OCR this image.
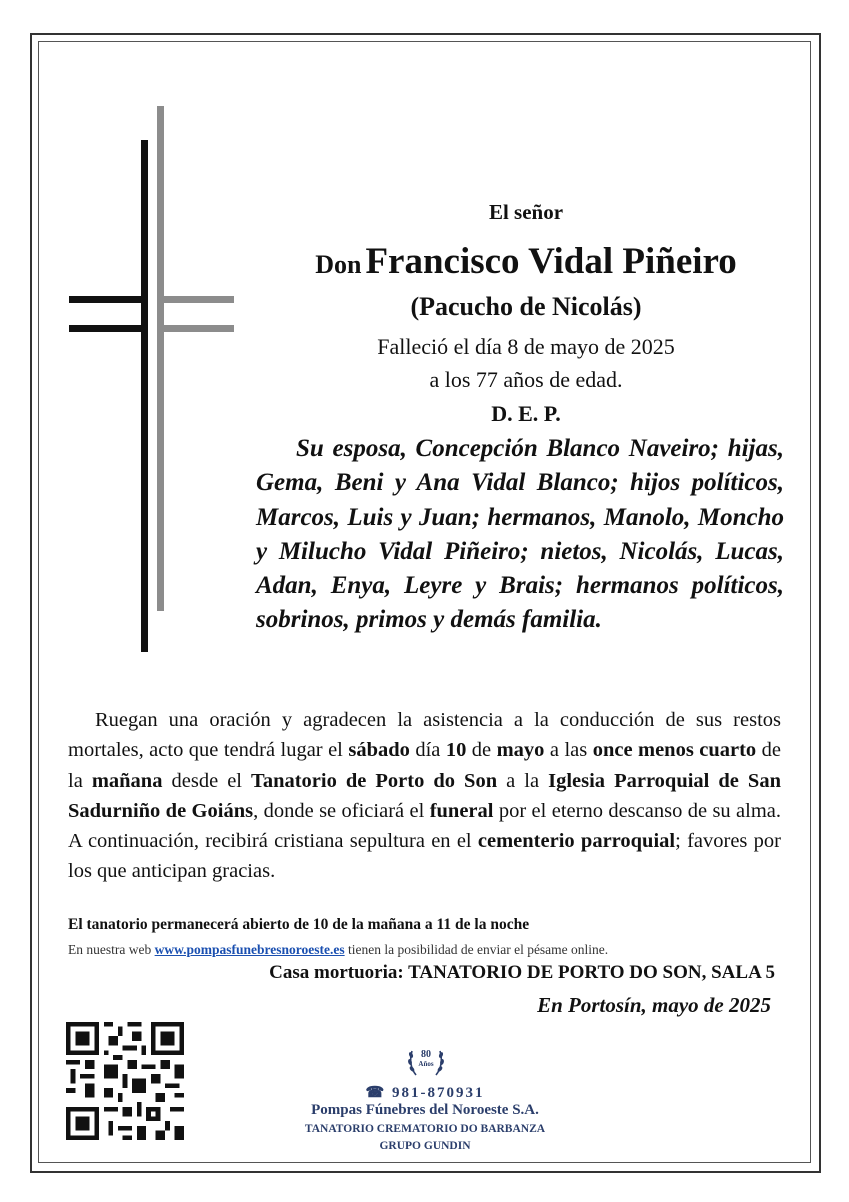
El señor
Don Francisco Vidal Piñeiro
(Pacucho de Nicolás)
Falleció el día 8 de mayo de 2025
a los 77 años de edad.
D. E. P.
Su esposa, Concepción Blanco Naveiro; hijas, Gema, Beni y Ana Vidal Blanco; hijos políticos, Marcos, Luis y Juan; hermanos, Manolo, Moncho y Milucho Vidal Piñeiro; nietos, Nicolás, Lucas, Adan, Enya, Leyre y Brais; hermanos políticos, sobrinos, primos y demás familia.
Ruegan una oración y agradecen la asistencia a la conducción de sus restos mortales, acto que tendrá lugar el sábado día 10 de mayo a las once menos cuarto de la mañana desde el Tanatorio de Porto do Son a la Iglesia Parroquial de San Sadurniño de Goiáns, donde se oficiará el funeral por el eterno descanso de su alma. A continuación, recibirá cristiana sepultura en el cementerio parroquial; favores por los que anticipan gracias.
El tanatorio permanecerá abierto de 10 de la mañana a 11 de la noche
En nuestra web www.pompasfunebresnoroeste.es tienen la posibilidad de enviar el pésame online.
Casa mortuoria: TANATORIO DE PORTO DO SON, SALA 5
En Portosín, mayo de 2025
80
Años
☎ 981-870931
Pompas Fúnebres del Noroeste S.A.
TANATORIO CREMATORIO DO BARBANZA
GRUPO GUNDIN
